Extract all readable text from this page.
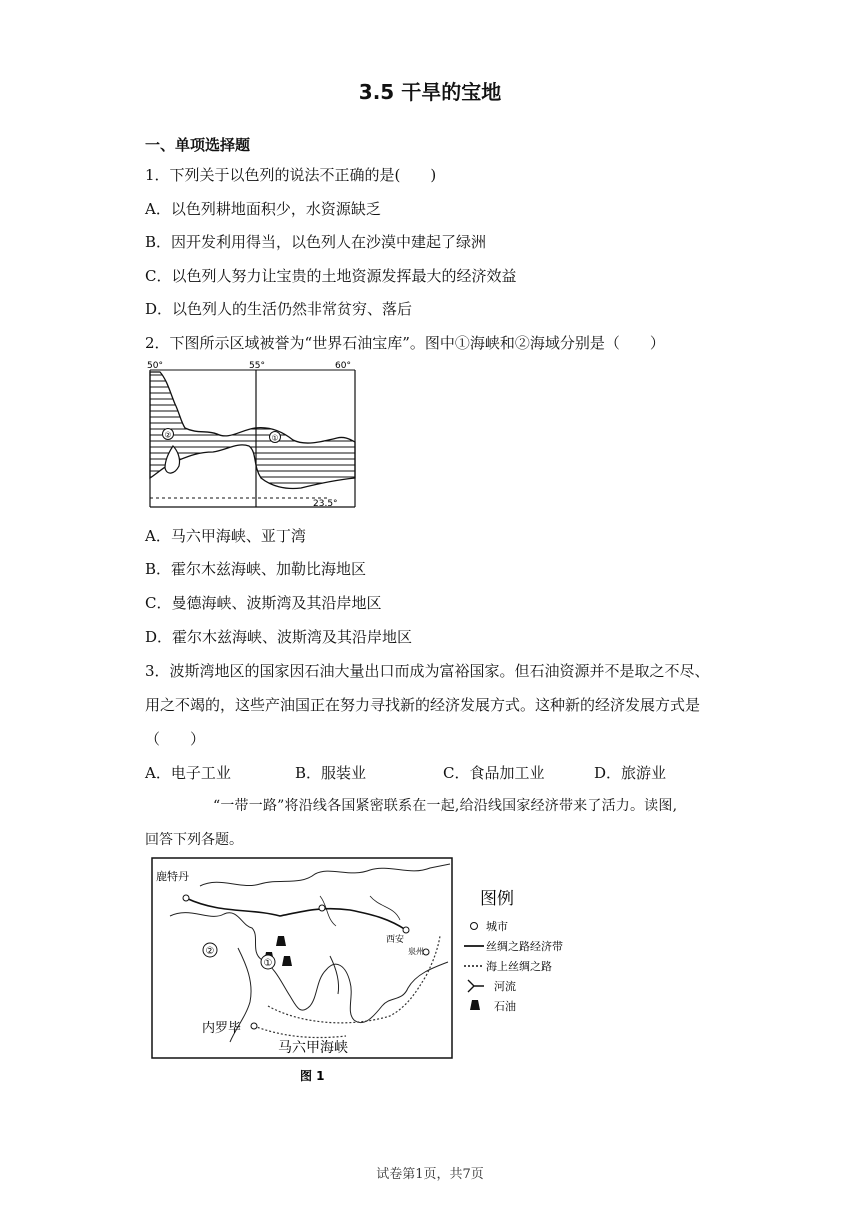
3.5 干旱的宝地
一、单项选择题
1．下列关于以色列的说法不正确的是(　　)
A．以色列耕地面积少，水资源缺乏
B．因开发利用得当，以色列人在沙漠中建起了绿洲
C．以色列人努力让宝贵的土地资源发挥最大的经济效益
D．以色列人的生活仍然非常贫穷、落后
2．下图所示区域被誉为“世界石油宝库”。图中①海峡和②海域分别是（　　）
①
②
50°	55°	60°
23.5°
A．马六甲海峡、亚丁湾
B．霍尔木兹海峡、加勒比海地区
C．曼德海峡、波斯湾及其沿岸地区
D．霍尔木兹海峡、波斯湾及其沿岸地区
3．波斯湾地区的国家因石油大量出口而成为富裕国家。但石油资源并不是取之不尽、
用之不竭的，这些产油国正在努力寻找新的经济发展方式。这种新的经济发展方式是
（　　）
A．电子工业	B．服装业	C．食品加工业	D．旅游业
“一带一路”将沿线各国紧密联系在一起,给沿线国家经济带来了活力。读图,
回答下列各题。
①
②
鹿特丹
西安
泉州
内罗毕
马六甲海峡
图例
城市
丝绸之路经济带
海上丝绸之路
河流
石油
图 1
试卷第1页，共7页
